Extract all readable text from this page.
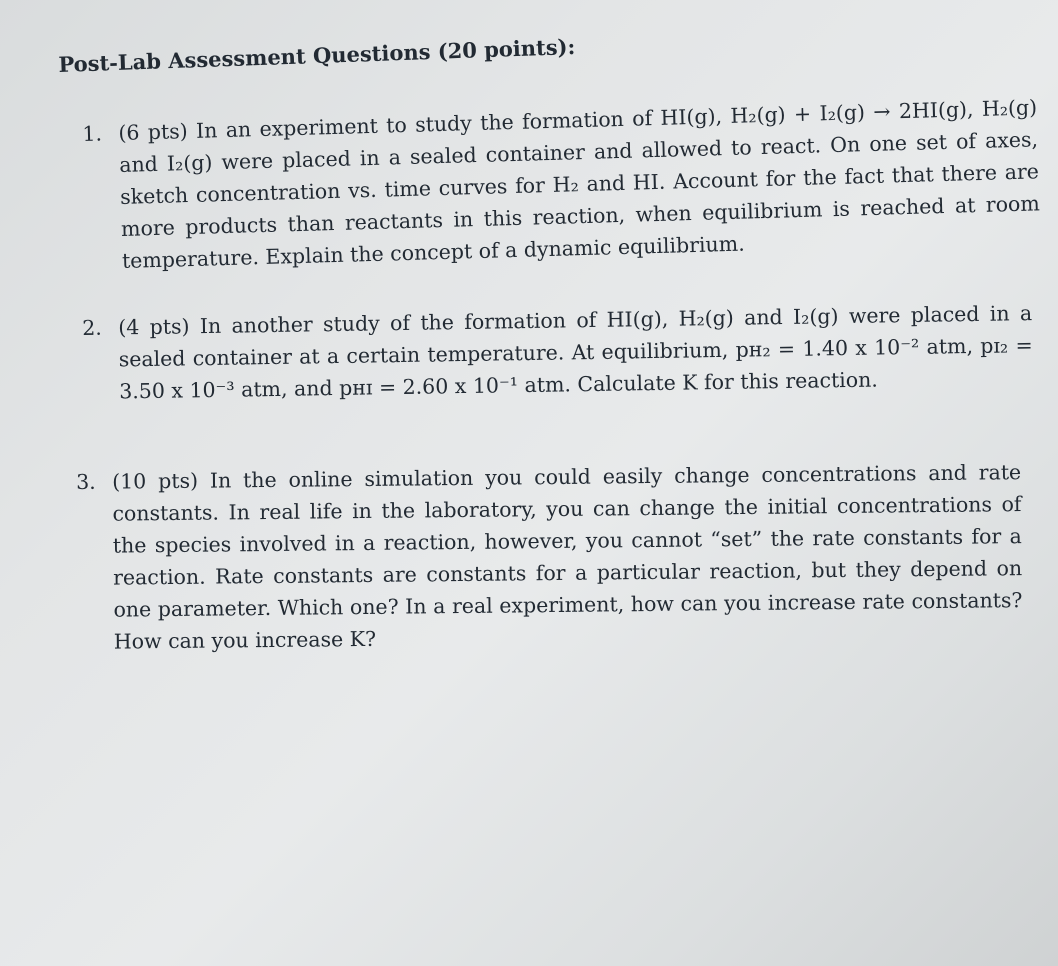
Post-Lab Assessment Questions (20 points):
1. (6 pts) In an experiment to study the formation of HI(g), H₂(g) + I₂(g) → 2HI(g), H₂(g) and I₂(g) were placed in a sealed container and allowed to react. On one set of axes, sketch concentration vs. time curves for H₂ and HI. Account for the fact that there are more products than reactants in this reaction, when equilibrium is reached at room temperature. Explain the concept of a dynamic equilibrium.
2. (4 pts) In another study of the formation of HI(g), H₂(g) and I₂(g) were placed in a sealed container at a certain temperature. At equilibrium, pʜ₂ = 1.40 x 10⁻² atm, pɪ₂ = 3.50 x 10⁻³ atm, and pʜɪ = 2.60 x 10⁻¹ atm. Calculate K for this reaction.
3. (10 pts) In the online simulation you could easily change concentrations and rate constants. In real life in the laboratory, you can change the initial concentrations of the species involved in a reaction, however, you cannot “set” the rate constants for a reaction. Rate constants are constants for a particular reaction, but they depend on one parameter. Which one? In a real experiment, how can you increase rate constants? How can you increase K?
